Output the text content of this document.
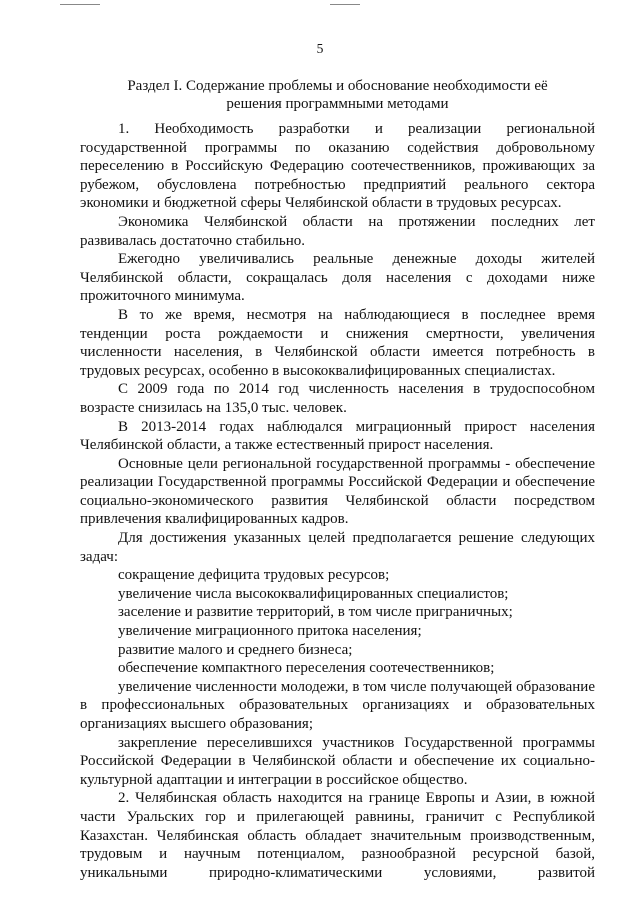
5
Раздел I. Содержание проблемы и обоснование необходимости её
решения программными методами

1. Необходимость разработки и реализации региональной государственной программы по оказанию содействия добровольному переселению в Российскую Федерацию соотечественников, проживающих за рубежом, обусловлена потребностью предприятий реального сектора экономики и бюджетной сферы Челябинской области в трудовых ресурсах.

Экономика Челябинской области на протяжении последних лет развивалась достаточно стабильно.

Ежегодно увеличивались реальные денежные доходы жителей Челябинской области, сокращалась доля населения с доходами ниже прожиточного минимума.

В то же время, несмотря на наблюдающиеся в последнее время тенденции роста рождаемости и снижения смертности, увеличения численности населения, в Челябинской области имеется потребность в трудовых ресурсах, особенно в высококвалифицированных специалистах.

С 2009 года по 2014 год численность населения в трудоспособном возрасте снизилась на 135,0 тыс. человек.

В 2013-2014 годах наблюдался миграционный прирост населения Челябинской области, а также естественный прирост населения.

Основные цели региональной государственной программы - обеспечение реализации Государственной программы Российской Федерации и обеспечение социально-экономического развития Челябинской области посредством привлечения квалифицированных кадров.

Для достижения указанных целей предполагается решение следующих задач:

сокращение дефицита трудовых ресурсов;

увеличение числа высококвалифицированных специалистов;

заселение и развитие территорий, в том числе приграничных;

увеличение миграционного притока населения;

развитие малого и среднего бизнеса;

обеспечение компактного переселения соотечественников;

увеличение численности молодежи, в том числе получающей образование в профессиональных образовательных организациях и образовательных организациях высшего образования;

закрепление переселившихся участников Государственной программы Российской Федерации в Челябинской области и обеспечение их социально-культурной адаптации и интеграции в российское общество.

2. Челябинская область находится на границе Европы и Азии, в южной части Уральских гор и прилегающей равнины, граничит с Республикой Казахстан. Челябинская область обладает значительным производственным, трудовым и научным потенциалом, разнообразной ресурсной базой, уникальными природно-климатическими условиями, развитой
